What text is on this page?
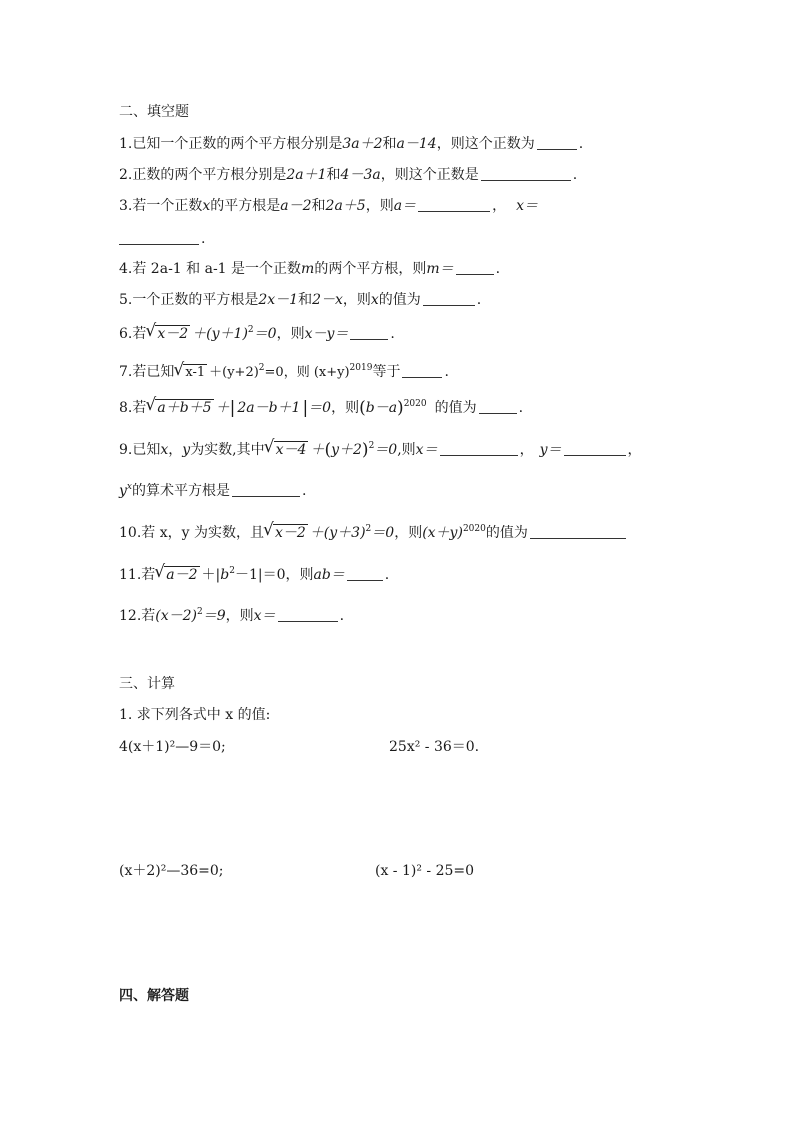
二、填空题
1.已知一个正数的两个平方根分别是3a＋2和a－14，则这个正数为	.
2.正数的两个平方根分别是2a＋1和4－3a，则这个正数是	.
3.若一个正数x的平方根是a－2和2a＋5，则a＝	， x＝
.
4.若 2a-1 和 a-1 是一个正数m的两个平方根，则m＝	.
5.一个正数的平方根是2x－1和2－x，则x的值为	.
6.若 √ $x-2 +(y+1)^2=0$，则x－y＝	.
7.若已知 √ $x-1 +(y+2)^2=0$，则 $(x+y)^{2019}$等于	.
8.若 √ a＋b＋5 ＋| 2a－b＋1 |＝0，则$(b-a)^{2020}$ 的值为	.
9.已知x，y为实数,其中 √ $x-4 +(y+2)^2=0$,则x＝	， y＝	，
$y^x$的算术平方根是	.
10.若 x，y 为实数，且 √ $x-2 +(y+3)^2=0$，则$(x+y)^{2020}$的值为
11.若 √ $a-2 +|b^2-1|=0$，则ab＝	.
12.若$(x-2)^2=9$，则x＝	.
三、计算
1. 求下列各式中 x 的值:
4(x＋1)²—9＝0;	25x² - 36＝0.
(x＋2)²—36=0;	(x - 1)² - 25=0
四、解答题
